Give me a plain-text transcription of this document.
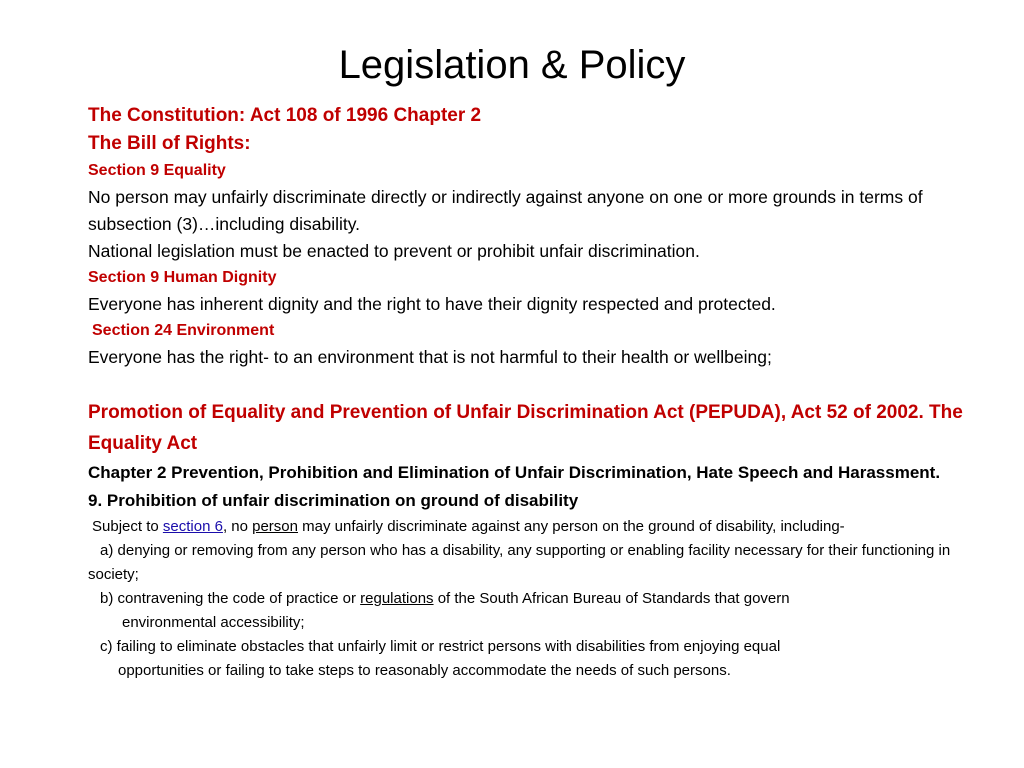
Legislation & Policy

The Constitution: Act 108 of 1996 Chapter 2

The Bill of Rights:

Section 9 Equality

No person may unfairly discriminate directly or indirectly against anyone on one or more grounds in terms of subsection (3)…including disability.

National legislation must be enacted to prevent or prohibit unfair discrimination.

Section 9 Human Dignity

Everyone has inherent dignity and the right to have their dignity respected and protected.

Section 24 Environment

Everyone has the right- to an environment that is not harmful to their health or wellbeing;

Promotion of Equality and Prevention of Unfair Discrimination Act (PEPUDA), Act 52 of 2002. The Equality Act

Chapter 2 Prevention, Prohibition and Elimination of Unfair Discrimination, Hate Speech and Harassment.

9. Prohibition of unfair discrimination on ground of disability

Subject to section 6, no person may unfairly discriminate against any person on the ground of disability, including-

a) denying or removing from any person who has a disability, any supporting or enabling facility necessary for their functioning in society;

b) contravening the code of practice or regulations of the South African Bureau of Standards that govern

environmental accessibility;

c) failing to eliminate obstacles that unfairly limit or restrict persons with disabilities from enjoying equal

opportunities or failing to take steps to reasonably accommodate the needs of such persons.
